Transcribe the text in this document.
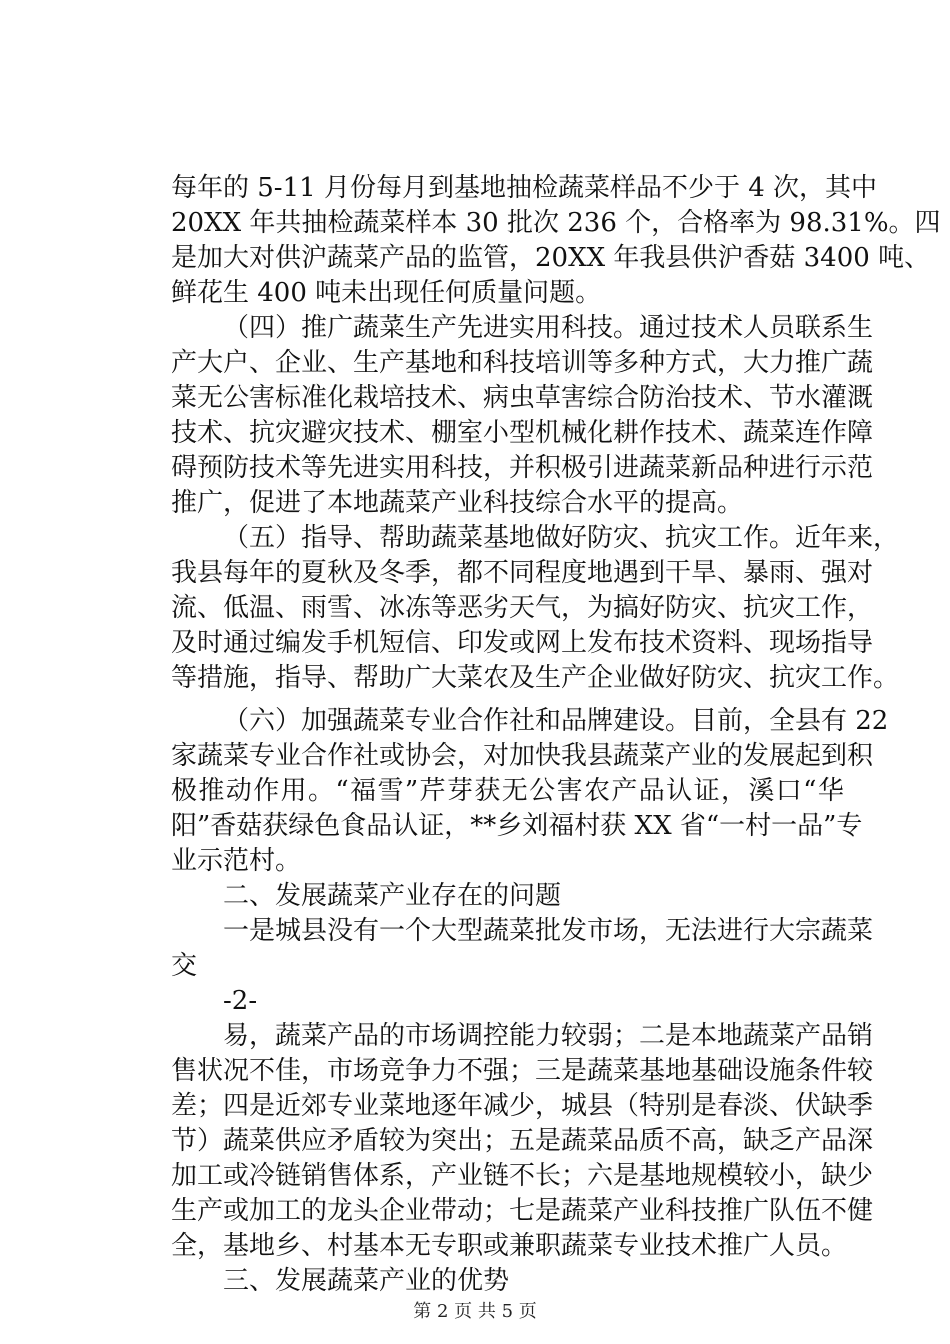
每年的 5-11 月份每月到基地抽检蔬菜样品不少于 4 次，其中

20XX 年共抽检蔬菜样本 30 批次 236 个，合格率为 98.31%。四

是加大对供沪蔬菜产品的监管，20XX 年我县供沪香菇 3400 吨、

鲜花生 400 吨未出现任何质量问题。

（四）推广蔬菜生产先进实用科技。通过技术人员联系生

产大户、企业、生产基地和科技培训等多种方式，大力推广蔬

菜无公害标准化栽培技术、病虫草害综合防治技术、节水灌溉

技术、抗灾避灾技术、棚室小型机械化耕作技术、蔬菜连作障

碍预防技术等先进实用科技，并积极引进蔬菜新品种进行示范

推广，促进了本地蔬菜产业科技综合水平的提高。

（五）指导、帮助蔬菜基地做好防灾、抗灾工作。近年来，

我县每年的夏秋及冬季，都不同程度地遇到干旱、暴雨、强对

流、低温、雨雪、冰冻等恶劣天气，为搞好防灾、抗灾工作，

及时通过编发手机短信、印发或网上发布技术资料、现场指导

等措施，指导、帮助广大菜农及生产企业做好防灾、抗灾工作。

（六）加强蔬菜专业合作社和品牌建设。目前，全县有 22

家蔬菜专业合作社或协会，对加快我县蔬菜产业的发展起到积

极推动作用。“福雪”芹芽获无公害农产品认证，溪口“华

阳”香菇获绿色食品认证，**乡刘福村获 XX 省“一村一品”专

业示范村。

二、发展蔬菜产业存在的问题

一是城县没有一个大型蔬菜批发市场，无法进行大宗蔬菜

交

-2-

易，蔬菜产品的市场调控能力较弱；二是本地蔬菜产品销

售状况不佳，市场竞争力不强；三是蔬菜基地基础设施条件较

差；四是近郊专业菜地逐年减少，城县（特别是春淡、伏缺季

节）蔬菜供应矛盾较为突出；五是蔬菜品质不高，缺乏产品深

加工或冷链销售体系，产业链不长；六是基地规模较小，缺少

生产或加工的龙头企业带动；七是蔬菜产业科技推广队伍不健

全，基地乡、村基本无专职或兼职蔬菜专业技术推广人员。

三、发展蔬菜产业的优势

第 2 页 共 5 页
